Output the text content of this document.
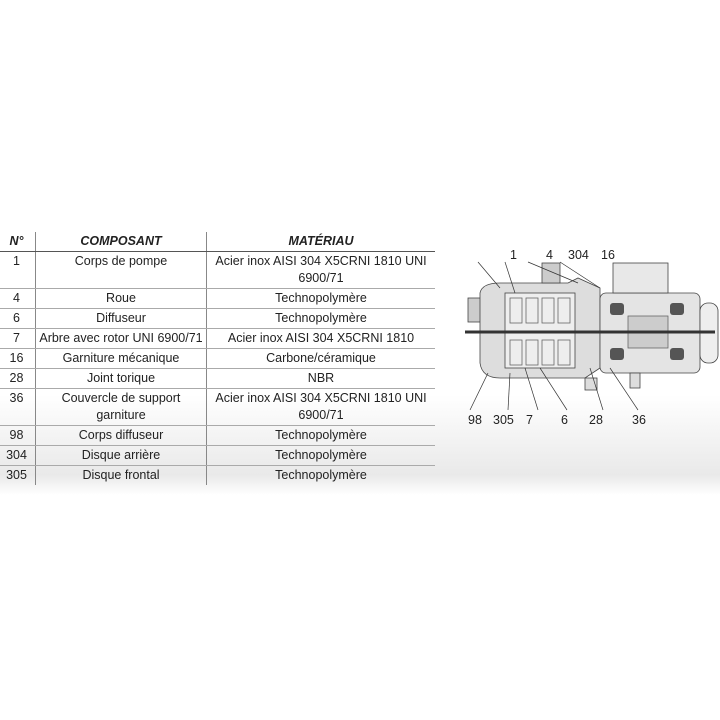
N°	COMPOSANT	MATÉRIAU
1	Corps de pompe	Acier inox AISI 304 X5CRNI 1810 UNI 6900/71
4	Roue	Technopolymère
6	Diffuseur	Technopolymère
7	Arbre avec rotor UNI 6900/71	Acier inox AISI 304 X5CRNI 1810
16	Garniture mécanique	Carbone/céramique
28	Joint torique	NBR
36	Couvercle de support garniture	Acier inox AISI 304 X5CRNI 1810 UNI 6900/71
98	Corps diffuseur	Technopolymère
304	Disque arrière	Technopolymère
305	Disque frontal	Technopolymère
1 4 304 16
98 305 7 6 28 36
